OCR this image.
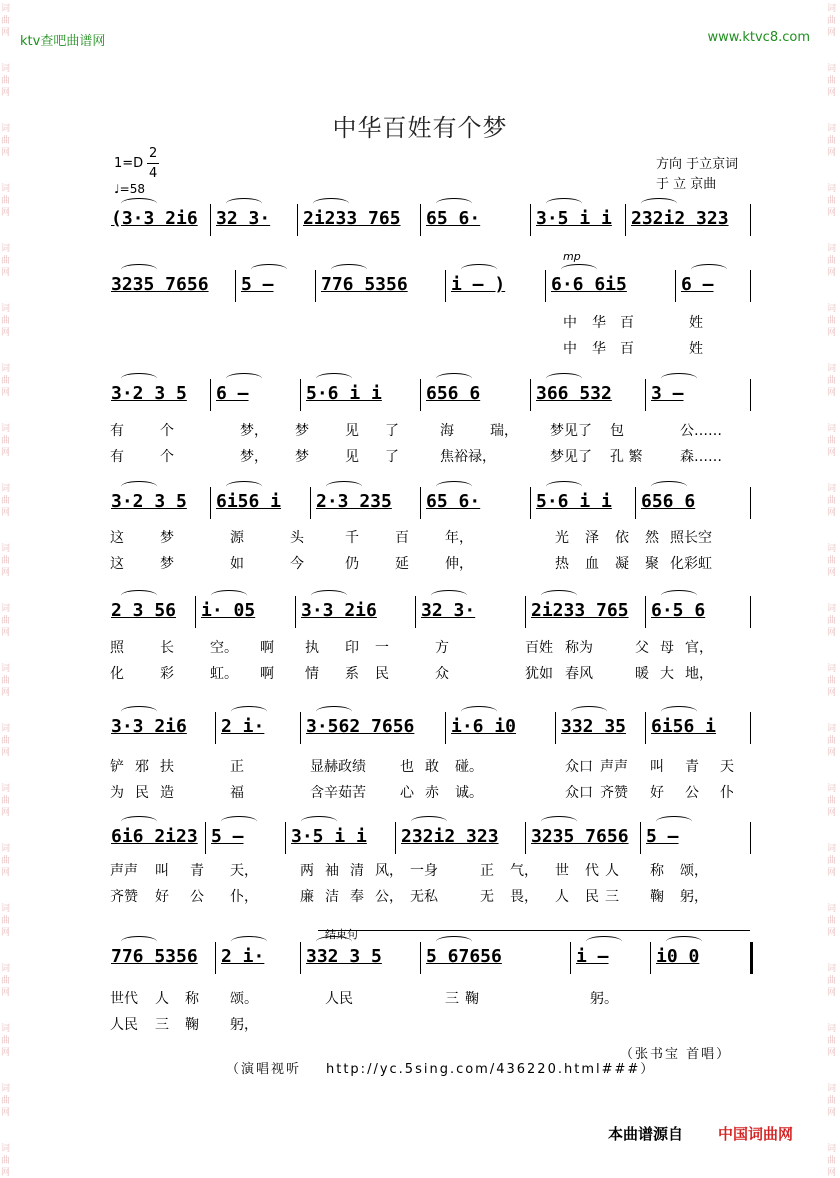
词
曲
网
词
曲
网
词
曲
网
词
曲
网
词
曲
网
词
曲
网
词
曲
网
词
曲
网
词
曲
网
词
曲
网
词
曲
网
词
曲
网
词
曲
网
词
曲
网
词
曲
网
词
曲
网
词
曲
网
词
曲
网
词
曲
网
词
曲
网
词
曲
网
词
曲
网
词
曲
网
词
曲
网
词
曲
网
词
曲
网
词
曲
网
词
曲
网
词
曲
网
词
曲
网
词
曲
网
词
曲
网
词
曲
网
词
曲
网
词
曲
网
词
曲
网
词
曲
网
词
曲
网
词
曲
网
词
曲
网
ktv查吧曲谱网	www.ktvc8.com
中华百姓有个梦
1=D
2
4
♩=58
方向 于立京词
于 立 京曲
mp
(3·3 2i6 32 3· 2i233 765 65 6·	3·5 i i 232i2 323
3235 7656 5 –	776 5356 i – )	6·6 6i5	6 –
3·2 3 5 6 –	5·6 i i 656 6	366 532 3 –
3·2 3 5 6i56 i 2·3 235 65 6·	5·6 i i 656 6
2 3 56 i· 05	3·3 2i6 32 3·	2i233 765 6·5 6
3·3 2i6 2 i· 3·562 7656 i·6 i0 332 35 6i56 i
6i6 2i23 5 –	3·5 i i 232i2 323 3235 7656 5 –
776 5356 2 i· 332 3 5 5 67656	i –	i0 0
结束句
（张书宝 首唱）
（演唱视听 http://yc.5sing.com/436220.html###）
本曲谱源自 中国词曲网
中 华 百	姓
中 华 百	姓
有	个	梦， 梦	见 了	海	瑞， 梦见了 包	公……
有	个	梦， 梦	见 了	焦裕禄，	梦见了 孔 繁	森……
这	梦	源	头	千	百	年，	光 泽 依 然 照长空
这	梦	如	今	仍	延	伸，	热 血 凝 聚 化彩虹
照	长	空。 啊 执 印 一	方	百姓 称为	父 母 官，
化	彩	虹。 啊 情 系 民	众	犹如 春风	暖 大 地，
铲 邪 扶	正	显赫政绩 也 敢 碰。	众口 声声 叫 青 天
为 民 造	福	含辛茹苦 心 赤 诚。	众口 齐赞 好 公 仆
声声 叫 青 天，	两 袖 清 风， 一身	正 气， 世 代 人 称 颂，
齐赞 好 公 仆，	廉 洁 奉 公， 无私	无 畏， 人 民 三 鞠 躬，
世代 人 称 颂。	人民	三 鞠	躬。
人民 三 鞠 躬，
